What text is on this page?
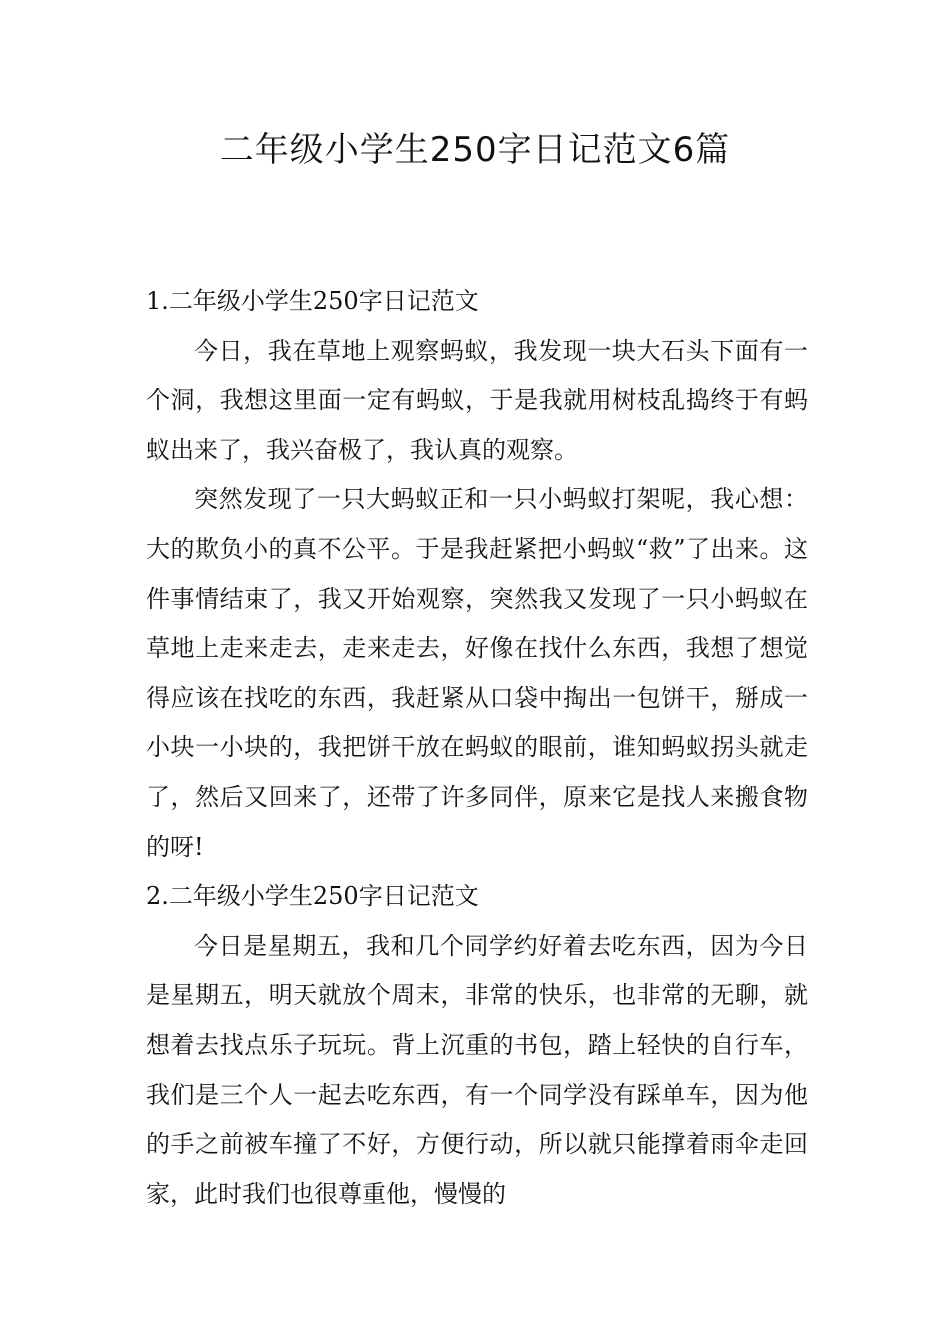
二年级小学生250字日记范文6篇
1.二年级小学生250字日记范文

今日，我在草地上观察蚂蚁，我发现一块大石头下面有一个洞，我想这里面一定有蚂蚁，于是我就用树枝乱捣终于有蚂蚁出来了，我兴奋极了，我认真的观察。

突然发现了一只大蚂蚁正和一只小蚂蚁打架呢，我心想：大的欺负小的真不公平。于是我赶紧把小蚂蚁“救”了出来。这件事情结束了，我又开始观察，突然我又发现了一只小蚂蚁在草地上走来走去，走来走去，好像在找什么东西，我想了想觉得应该在找吃的东西，我赶紧从口袋中掏出一包饼干，掰成一小块一小块的，我把饼干放在蚂蚁的眼前，谁知蚂蚁拐头就走了，然后又回来了，还带了许多同伴，原来它是找人来搬食物的呀!

2.二年级小学生250字日记范文

今日是星期五，我和几个同学约好着去吃东西，因为今日是星期五，明天就放个周末，非常的快乐，也非常的无聊，就想着去找点乐子玩玩。背上沉重的书包，踏上轻快的自行车，我们是三个人一起去吃东西，有一个同学没有踩单车，因为他的手之前被车撞了不好，方便行动，所以就只能撑着雨伞走回家，此时我们也很尊重他，慢慢的
